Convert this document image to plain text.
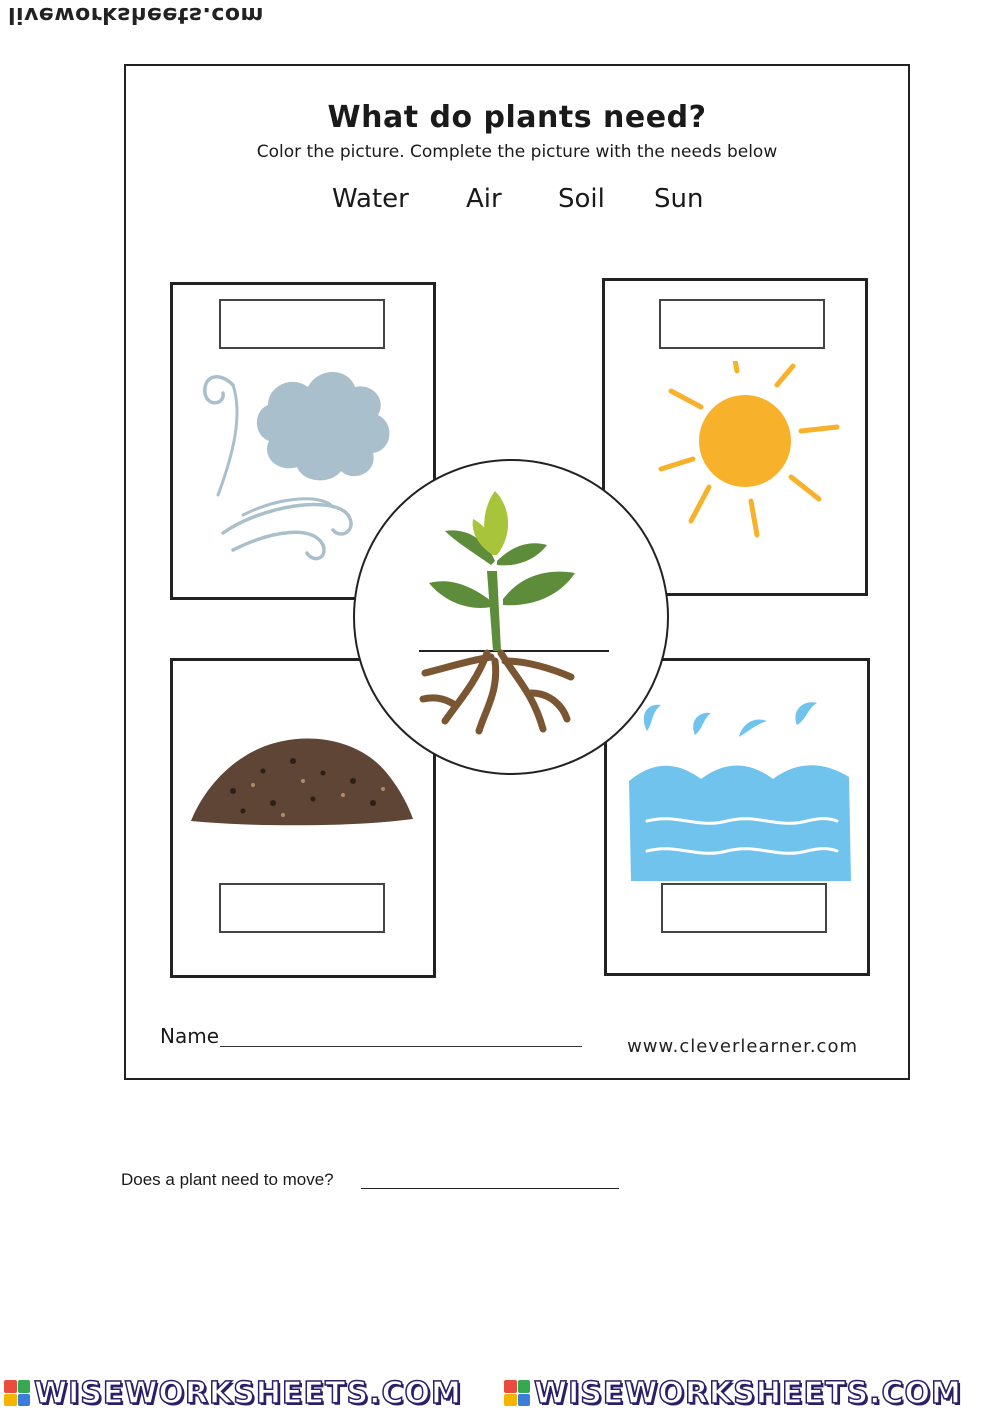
liveworksheets.com
What do plants need?
Color the picture. Complete the picture with the needs below
Water Air Soil Sun
Name	www.cleverlearner.com
Does a plant need to move?
WISEWORKSHEETS.COM WISEWORKSHEETS.COM
